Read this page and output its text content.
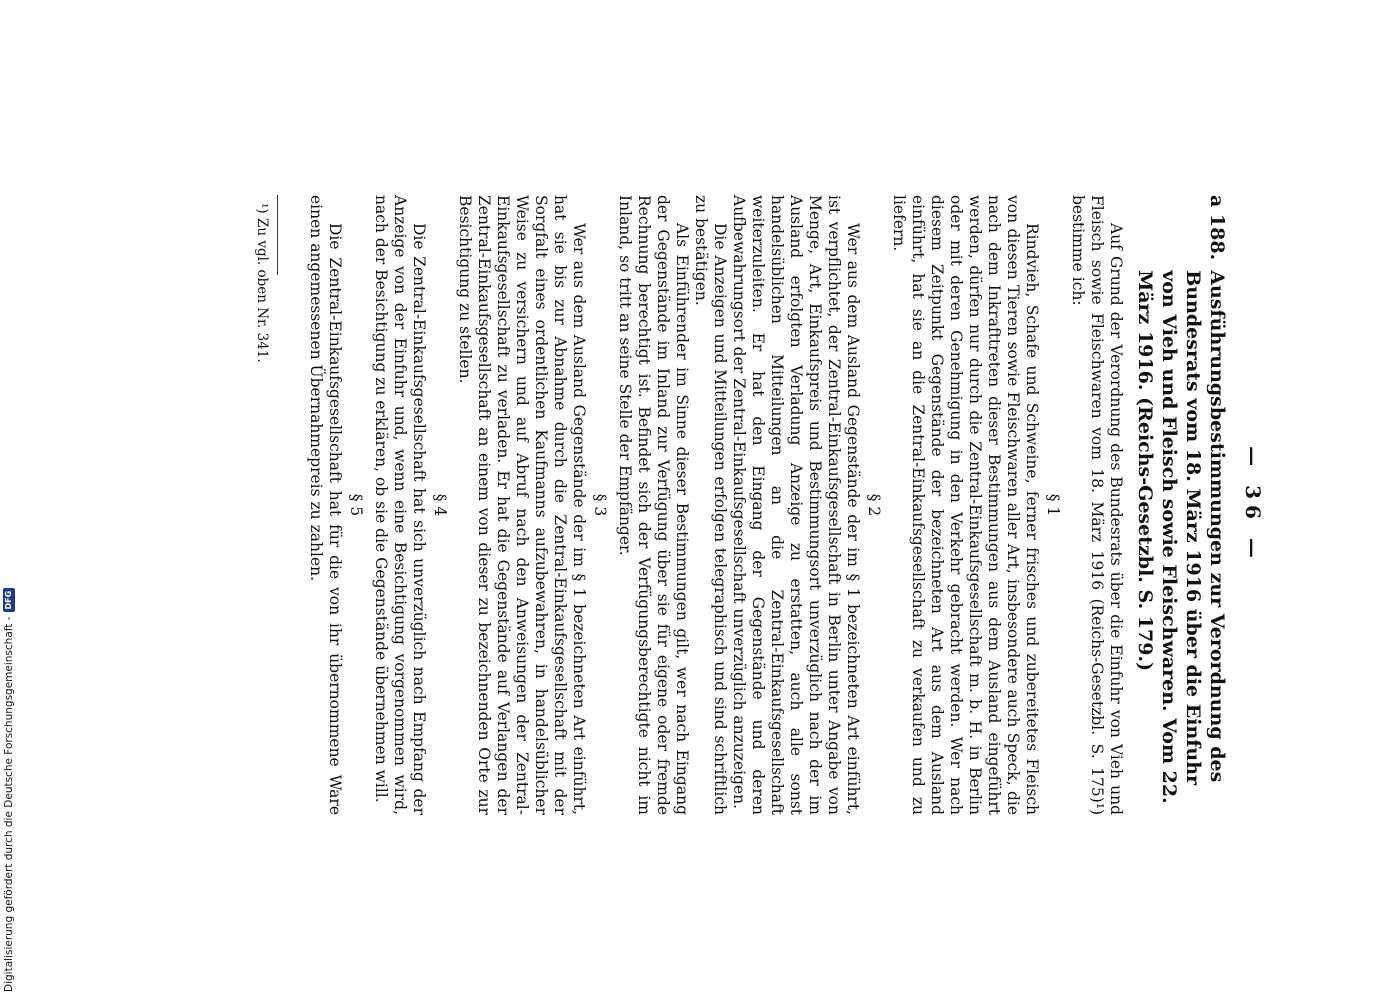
— 36 —
a 188.
Ausführungsbestimmungen zur Verordnung des Bundesrats vom 18. März 1916 über die Einfuhr von Vieh und Fleisch sowie Fleischwaren. Vom 22. März 1916. (Reichs-Gesetzbl. S. 179.)

Auf Grund der Verordnung des Bundesrats über die Einfuhr von Vieh und Fleisch sowie Fleischwaren vom 18. März 1916 (Reichs-Gesetzbl. S. 175)¹) bestimme ich:

§ 1

Rindvieh, Schafe und Schweine, ferner frisches und zubereitetes Fleisch von diesen Tieren sowie Fleischwaren aller Art, insbesondere auch Speck, die nach dem Inkrafttreten dieser Bestimmungen aus dem Ausland eingeführt werden, dürfen nur durch die Zentral-Einkaufsgesellschaft m. b. H. in Berlin oder mit deren Genehmigung in den Verkehr gebracht werden. Wer nach diesem Zeitpunkt Gegenstände der bezeichneten Art aus dem Ausland einführt, hat sie an die Zentral-Einkaufsgesellschaft zu verkaufen und zu liefern.

§ 2

Wer aus dem Ausland Gegenstände der im § 1 bezeichneten Art einführt, ist verpflichtet, der Zentral-Einkaufsgesellschaft in Berlin unter Angabe von Menge, Art, Einkaufspreis und Bestimmungsort unverzüglich nach der im Ausland erfolgten Verladung Anzeige zu erstatten, auch alle sonst handelsüblichen Mitteilungen an die Zentral-Einkaufsgesellschaft weiterzuleiten. Er hat den Eingang der Gegenstände und deren Aufbewahrungsort der Zentral-Einkaufsgesellschaft unverzüglich anzuzeigen.

Die Anzeigen und Mitteilungen erfolgen telegraphisch und sind schriftlich zu bestätigen.

Als Einführender im Sinne dieser Bestimmungen gilt, wer nach Eingang der Gegenstände im Inland zur Verfügung über sie für eigene oder fremde Rechnung berechtigt ist. Befindet sich der Verfügungsberechtigte nicht im Inland, so tritt an seine Stelle der Empfänger.

§ 3

Wer aus dem Ausland Gegenstände der im § 1 bezeichneten Art einführt, hat sie bis zur Abnahme durch die Zentral-Einkaufsgesellschaft mit der Sorgfalt eines ordentlichen Kaufmanns aufzubewahren, in handelsüblicher Weise zu versichern und auf Abruf nach den Anweisungen der Zentral-Einkaufsgesellschaft zu verladen. Er hat die Gegenstände auf Verlangen der Zentral-Einkaufsgesellschaft an einem von dieser zu bezeichnenden Orte zur Besichtigung zu stellen.

§ 4

Die Zentral-Einkaufsgesellschaft hat sich unverzüglich nach Empfang der Anzeige von der Einfuhr und, wenn eine Besichtigung vorgenommen wird, nach der Besichtigung zu erklären, ob sie die Gegenstände übernehmen will.

§ 5

Die Zentral-Einkaufsgesellschaft hat für die von ihr übernommene Ware einen angemessenen Übernahmepreis zu zahlen.

¹) Zu vgl. oben Nr. 341.
Digitalisierung gefördert durch die Deutsche Forschungsgemeinschaft -
DFG
